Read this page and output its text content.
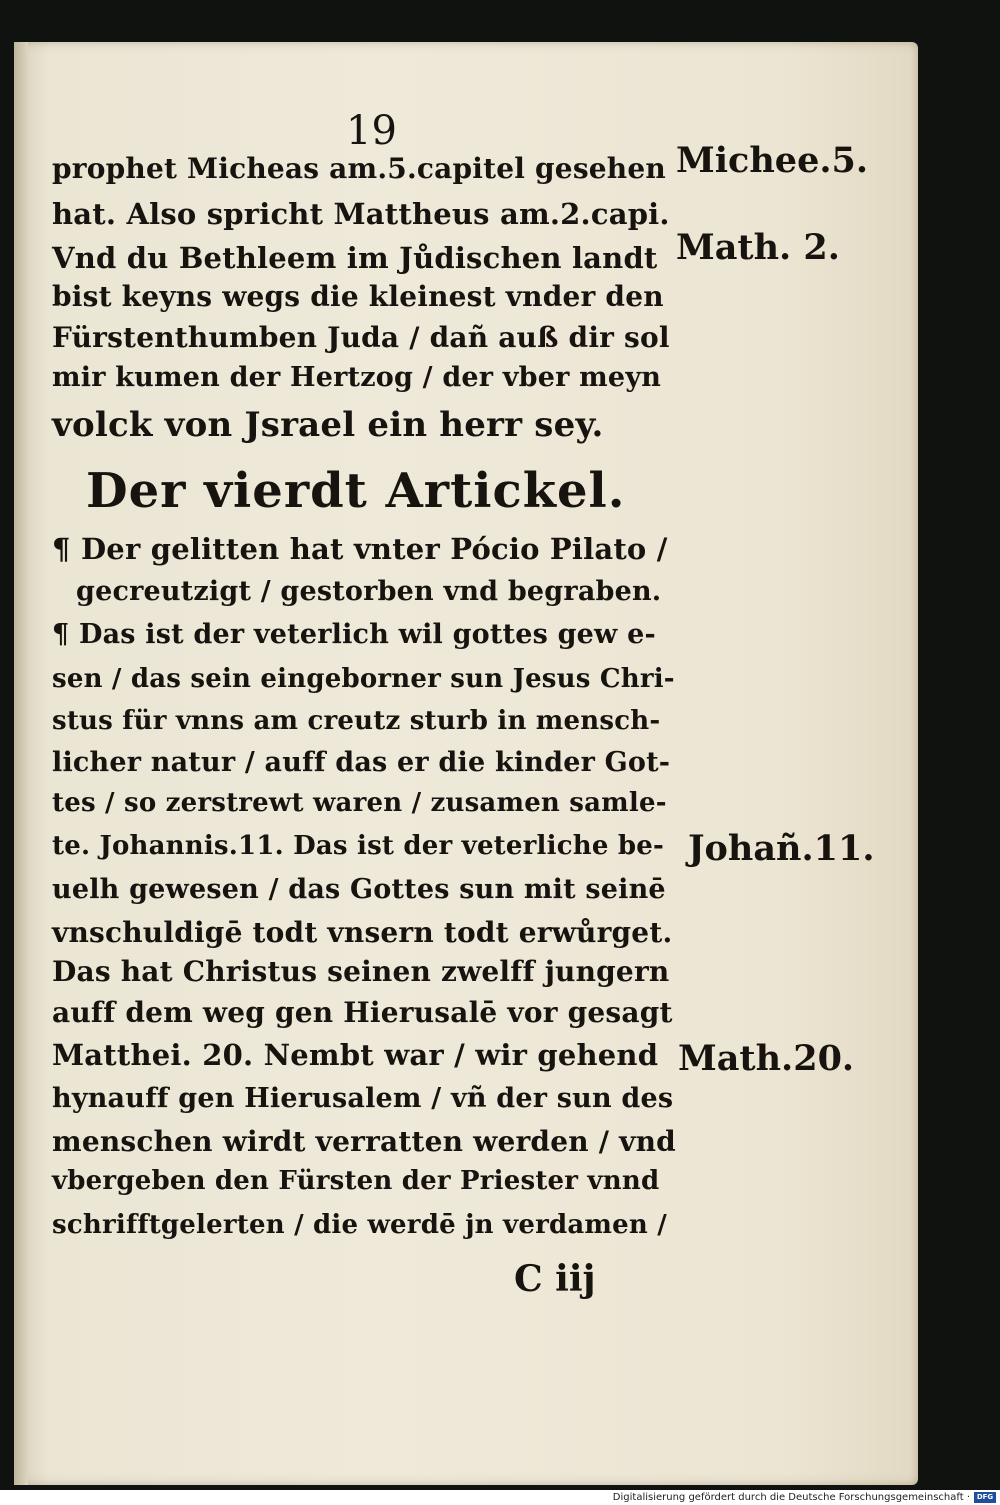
19
prophet Micheas am.5.capitel gesehen
hat. Also spricht Mattheus am.2.capi.
Vnd du Bethleem im Jůdischen landt
bist keyns wegs die kleinest vnder den
Fürstenthumben Juda / dañ auß dir sol
mir kumen der Hertzog / der vber meyn
volck von Jsrael ein herr sey.
Der vierdt Artickel.
¶ Der gelitten hat vnter Pócio Pilato /
gecreutzigt / gestorben vnd begraben.
¶ Das ist der veterlich wil gottes gew e-
sen / das sein eingeborner sun Jesus Chri-
stus für vnns am creutz sturb in mensch-
licher natur / auff das er die kinder Got-
tes / so zerstrewt waren / zusamen samle-
te. Johannis.11. Das ist der veterliche be-
uelh gewesen / das Gottes sun mit seinē
vnschuldigē todt vnsern todt erwůrget.
Das hat Christus seinen zwelff jungern
auff dem weg gen Hierusalē vor gesagt
Matthei. 20. Nembt war / wir gehend
hynauff gen Hierusalem / vñ der sun des
menschen wirdt verratten werden / vnd
vbergeben den Fürsten der Priester vnnd
schrifftgelerten / die werdē jn verdamen /
Michee.5.
Math. 2.
Johañ.11.
Math.20.
C iij
Digitalisierung gefördert durch die Deutsche Forschungsgemeinschaft · DFG
